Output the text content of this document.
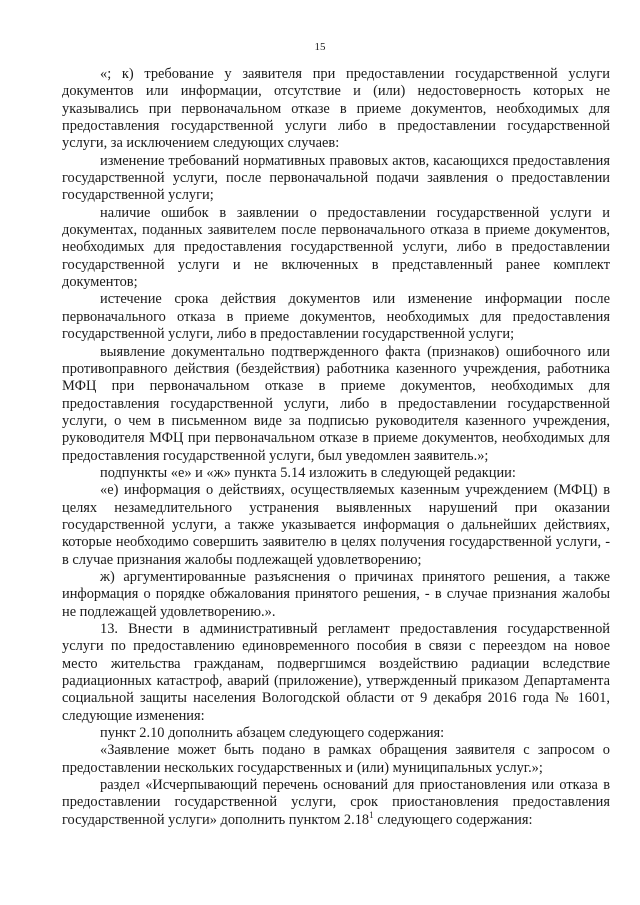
15

«; к) требование у заявителя при предоставлении государственной услуги документов или информации, отсутствие и (или) недостоверность которых не указывались при первоначальном отказе в приеме документов, необходимых для предоставления государственной услуги либо в предоставлении государственной услуги, за исключением следующих случаев:

изменение требований нормативных правовых актов, касающихся предоставления государственной услуги, после первоначальной подачи заявления о предоставлении государственной услуги;

наличие ошибок в заявлении о предоставлении государственной услуги и документах, поданных заявителем после первоначального отказа в приеме документов, необходимых для предоставления государственной услуги, либо в предоставлении государственной услуги и не включенных в представленный ранее комплект документов;

истечение срока действия документов или изменение информации после первоначального отказа в приеме документов, необходимых для предоставления государственной услуги, либо в предоставлении государственной услуги;

выявление документально подтвержденного факта (признаков) ошибочного или противоправного действия (бездействия) работника казенного учреждения, работника МФЦ при первоначальном отказе в приеме документов, необходимых для предоставления государственной услуги, либо в предоставлении государственной услуги, о чем в письменном виде за подписью руководителя казенного учреждения, руководителя МФЦ при первоначальном отказе в приеме документов, необходимых для предоставления государственной услуги, был уведомлен заявитель.»;

подпункты «е» и «ж» пункта 5.14 изложить в следующей редакции:

«е) информация о действиях, осуществляемых казенным учреждением (МФЦ) в целях незамедлительного устранения выявленных нарушений при оказании государственной услуги, а также указывается информация о дальнейших действиях, которые необходимо совершить заявителю в целях получения государственной услуги, - в случае признания жалобы подлежащей удовлетворению;

ж) аргументированные разъяснения о причинах принятого решения, а также информация о порядке обжалования принятого решения, - в случае признания жалобы не подлежащей удовлетворению.».

13. Внести в административный регламент предоставления государственной услуги по предоставлению единовременного пособия в связи с переездом на новое место жительства гражданам, подвергшимся воздействию радиации вследствие радиационных катастроф, аварий (приложение), утвержденный приказом Департамента социальной защиты населения Вологодской области от 9 декабря 2016 года № 1601, следующие изменения:

пункт 2.10 дополнить абзацем следующего содержания:

«Заявление может быть подано в рамках обращения заявителя с запросом о предоставлении нескольких государственных и (или) муниципальных услуг.»;

раздел «Исчерпывающий перечень оснований для приостановления или отказа в предоставлении государственной услуги, срок приостановления предоставления государственной услуги» дополнить пунктом 2.18$^1$ следующего содержания:
